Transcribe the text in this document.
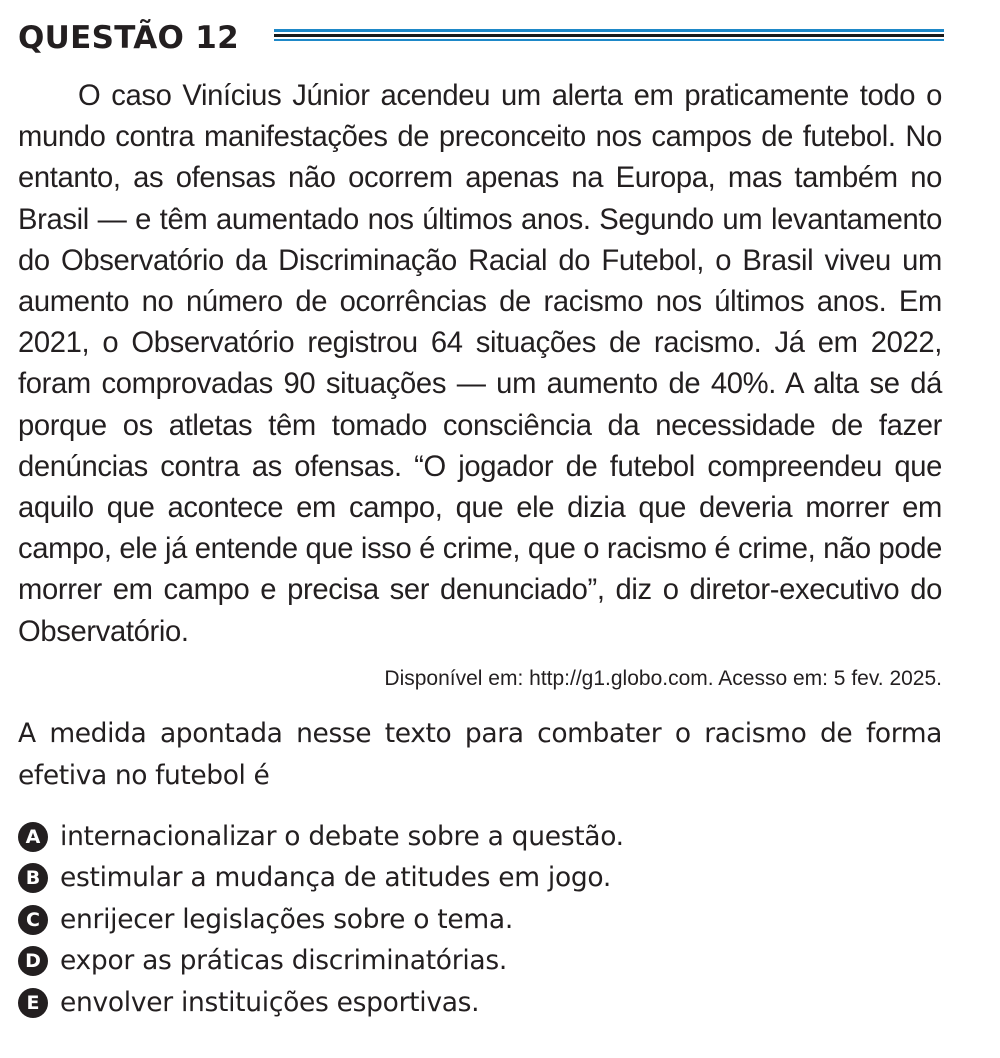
QUESTÃO 12

O caso Vinícius Júnior acendeu um alerta em praticamente todo o mundo contra manifestações de preconceito nos campos de futebol. No entanto, as ofensas não ocorrem apenas na Europa, mas também no Brasil — e têm aumentado nos últimos anos. Segundo um levantamento do Observatório da Discriminação Racial do Futebol, o Brasil viveu um aumento no número de ocorrências de racismo nos últimos anos. Em 2021, o Observatório registrou 64 situações de racismo. Já em 2022, foram comprovadas 90 situações — um aumento de 40%. A alta se dá porque os atletas têm tomado consciência da necessidade de fazer denúncias contra as ofensas. “O jogador de futebol compreendeu que aquilo que acontece em campo, que ele dizia que deveria morrer em campo, ele já entende que isso é crime, que o racismo é crime, não pode morrer em campo e precisa ser denunciado”, diz o diretor-executivo do Observatório.

Disponível em: http://g1.globo.com. Acesso em: 5 fev. 2025.

A medida apontada nesse texto para combater o racismo de forma efetiva no futebol é

A internacionalizar o debate sobre a questão.
B estimular a mudança de atitudes em jogo.
C enrijecer legislações sobre o tema.
D expor as práticas discriminatórias.
E envolver instituições esportivas.
